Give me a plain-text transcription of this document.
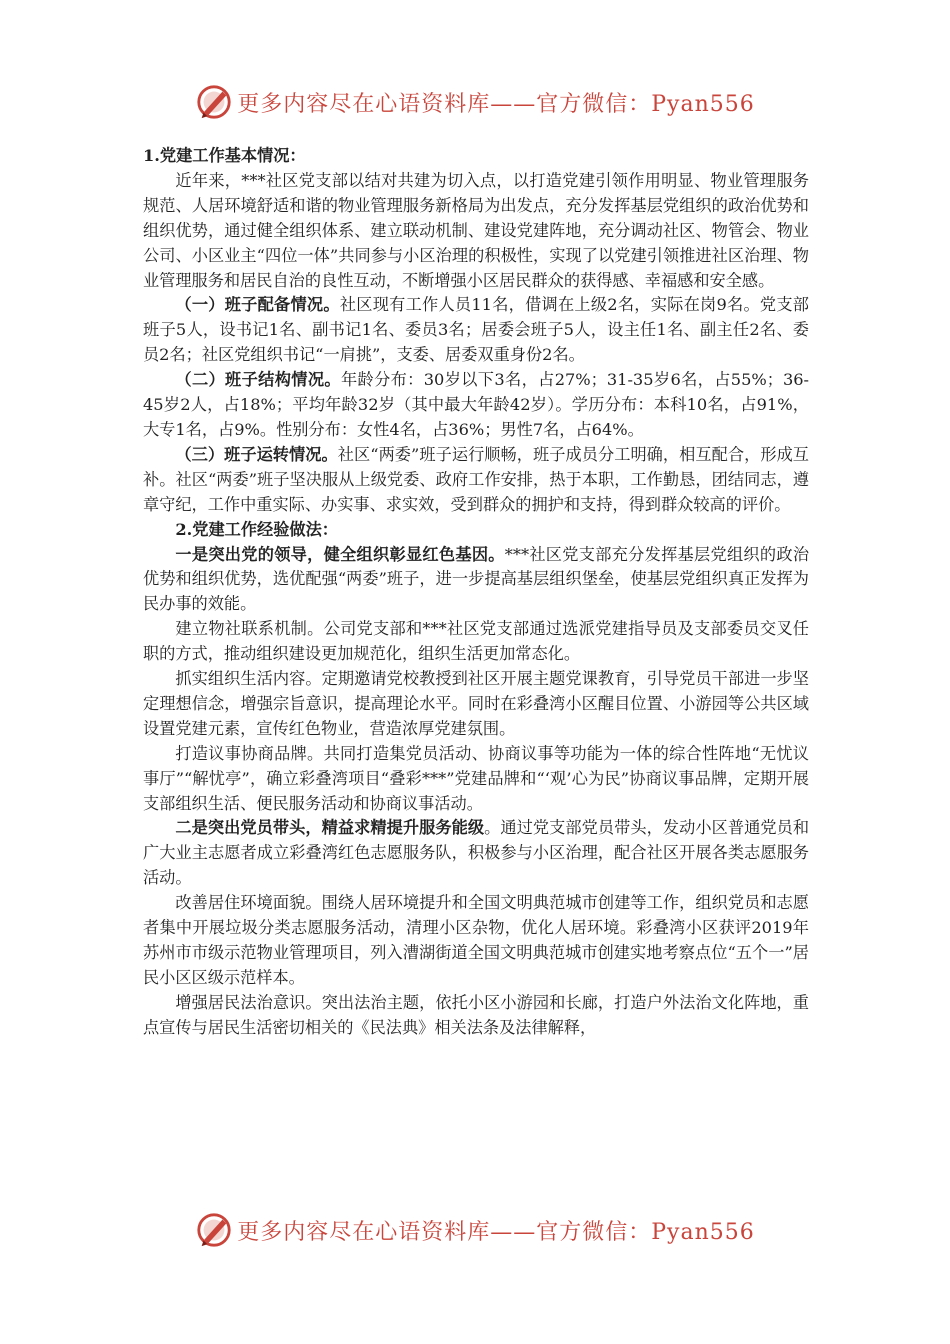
更多内容尽在心语资料库——官方微信：Pyan556

1.党建工作基本情况：

近年来，***社区党支部以结对共建为切入点，以打造党建引领作用明显、物业管理服务规范、人居环境舒适和谐的物业管理服务新格局为出发点，充分发挥基层党组织的政治优势和组织优势，通过健全组织体系、建立联动机制、建设党建阵地，充分调动社区、物管会、物业公司、小区业主“四位一体”共同参与小区治理的积极性，实现了以党建引领推进社区治理、物业管理服务和居民自治的良性互动，不断增强小区居民群众的获得感、幸福感和安全感。

（一）班子配备情况。社区现有工作人员11名，借调在上级2名，实际在岗9名。党支部班子5人，设书记1名、副书记1名、委员3名；居委会班子5人，设主任1名、副主任2名、委员2名；社区党组织书记“一肩挑”，支委、居委双重身份2名。

（二）班子结构情况。年龄分布：30岁以下3名，占27%；31-35岁6名，占55%；36-45岁2人，占18%；平均年龄32岁（其中最大年龄42岁）。学历分布：本科10名，占91%，大专1名，占9%。性别分布：女性4名，占36%；男性7名，占64%。

（三）班子运转情况。社区“两委”班子运行顺畅，班子成员分工明确，相互配合，形成互补。社区“两委”班子坚决服从上级党委、政府工作安排，热于本职，工作勤恳，团结同志，遵章守纪，工作中重实际、办实事、求实效，受到群众的拥护和支持，得到群众较高的评价。

2.党建工作经验做法：

一是突出党的领导，健全组织彰显红色基因。***社区党支部充分发挥基层党组织的政治优势和组织优势，选优配强“两委”班子，进一步提高基层组织堡垒，使基层党组织真正发挥为民办事的效能。

建立物社联系机制。公司党支部和***社区党支部通过选派党建指导员及支部委员交叉任职的方式，推动组织建设更加规范化，组织生活更加常态化。

抓实组织生活内容。定期邀请党校教授到社区开展主题党课教育，引导党员干部进一步坚定理想信念，增强宗旨意识，提高理论水平。同时在彩叠湾小区醒目位置、小游园等公共区域设置党建元素，宣传红色物业，营造浓厚党建氛围。

打造议事协商品牌。共同打造集党员活动、协商议事等功能为一体的综合性阵地“无忧议事厅”“解忧亭”，确立彩叠湾项目“叠彩***”党建品牌和“‘观’心为民”协商议事品牌，定期开展支部组织生活、便民服务活动和协商议事活动。

二是突出党员带头，精益求精提升服务能级。通过党支部党员带头，发动小区普通党员和广大业主志愿者成立彩叠湾红色志愿服务队，积极参与小区治理，配合社区开展各类志愿服务活动。

改善居住环境面貌。围绕人居环境提升和全国文明典范城市创建等工作，组织党员和志愿者集中开展垃圾分类志愿服务活动，清理小区杂物，优化人居环境。彩叠湾小区获评2019年苏州市市级示范物业管理项目，列入漕湖街道全国文明典范城市创建实地考察点位“五个一”居民小区区级示范样本。

增强居民法治意识。突出法治主题，依托小区小游园和长廊，打造户外法治文化阵地，重点宣传与居民生活密切相关的《民法典》相关法条及法律解释，

更多内容尽在心语资料库——官方微信：Pyan556
